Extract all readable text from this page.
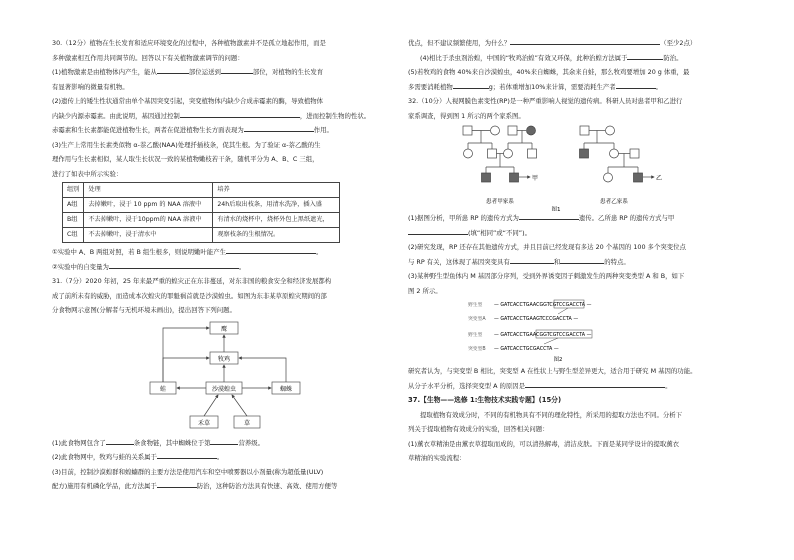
30.（12分）植物在生长发育和适应环境变化的过程中，各种植物激素并不是孤立地起作用，而是

多种激素相互作用共同调节的。回答以下有关植物激素调节的问题：

(1)植物激素是由植物体内产生，能从	部位运送到	部位，对植物的生长发育

有显著影响的微量有机物。

(2)遗传上的矮生性状通常由单个基因突变引起，突变植物体内缺少合成赤霉素的酶，导致植物体

内缺少内源赤霉素。由此说明，基因通过控制	，进而控制生物的性状。

赤霉素和生长素都能促进植物生长，两者在促进植物生长方面表现为	作用。

(3)生产上常用生长素类似物 α-萘乙酸(NAA)处理扦插枝条，促其生根。为了验证 α-萘乙酸的生

理作用与生长素相似，某人取生长状况一致的某植物嫩枝若干条，随机平分为 A、B、C 三组，

进行了如表中所示实验：

组别	处理	培养
A组	去掉嫩叶，浸于 10 ppm 的 NAA 溶液中	24h后取出枝条，用清水洗净，插入盛
B组	不去掉嫩叶，浸于10ppm的 NAA 溶液中	有清水的烧杯中，烧杯外包上黑纸遮光，
C组	不去掉嫩叶，浸于清水中	观察枝条的生根情况。

①实验中 A、B 两组对照，若 B 组生根多，则说明嫩叶能产生	。

②实验中的自变量为	。

31.（7分）2020 年初，25 年来最严重的蝗灾正在东非蔓延，对东非国的粮食安全和经济发展都构

成了前所未有的威胁，而造成本次蝗灾的罪魁祸首就是沙漠蝗虫。如图为东非某草原蝗灾期间的部

分食物网示意图(分解者与无机环境未画出)，提出回答下列问题。

鹰
牧鸡
沙漠蝗虫
蛙	蜘蛛
禾草	草

(1)此食物网包含了	条食物链，其中蜘蛛位于第	营养级。

(2)此食物网中，牧鸡与蛙的关系属于	。

(3)目前，控制沙漠蝗群和蝗蝻群的主要方法是使用汽车和空中喷雾器以小剂量(称为超低量(ULV)

配方)施用有机磷化学品，此方法属于	防治，这种防治方法具有快速、高效、使用方便等

优点，但不建议频繁使用，为什么？	（至少2点）

(4)相比于杀虫剂治蝗，中国的“牧鸡治蝗”有效又环保，此种治蝗方法属于	防治。

(5)若牧鸡的食物 40%来自沙漠蝗虫，40%来自蜘蛛，其余来自蛙，那么牧鸡要增加 20 g 体重，最

多需要消耗植物	g；若体重增加10%来计算，需要消耗生产者	。

32.（10分）人视网膜色素变性(RP)是一种严重影响人视觉的遗传病。科研人员对患者甲和乙进行

家系调查，得到图 1 所示的两个家系图。

甲
患者甲家系
乙
患者乙家系
图1

(1)据图分析，甲所患 RP 的遗传方式为	遗传。乙所患 RP 的遗传方式与甲

(填“相同”或“不同”)。

(2)研究发现，RP 还存在其他遗传方式，并且目前已经发现有多达 20 个基因的 100 多个突变位点

与 RP 有关，这体现了基因突变具有	和	的特点。

(3)某种野生型鱼体内 M 基因部分序列，受到外界诱变因子刺激发生的两种突变类型 A 和 B，如下

图 2 所示。

野生型 — GATCACCTGAACGGTCGTCCGACCTA —
突变型A — GATCACCTGAAGTCCCGACCTA —
野生型 — GATCACCTGAACGGTCGTCCGACCTA —
突变型B — GATCACCTGCGACCTA —
图2

研究者认为，与突变型 B 相比，突变型 A 在性状上与野生型差异更大，适合用于研究 M 基因的功能。

从分子水平分析，选择突变型 A 的原因是	。

37.【生物——选修 1:生物技术实践专题】(15分)

提取植物有效成分时，不同的有机物具有不同的理化特性，所采用的提取方法也不同。分析下

列关于提取植物有效成分的实验，回答相关问题：

(1)薰衣草精油是由薰衣草提取而成的，可以清热解毒，清洁皮肤。下面是某同学设计的提取薰衣

草精油的实验流程：
